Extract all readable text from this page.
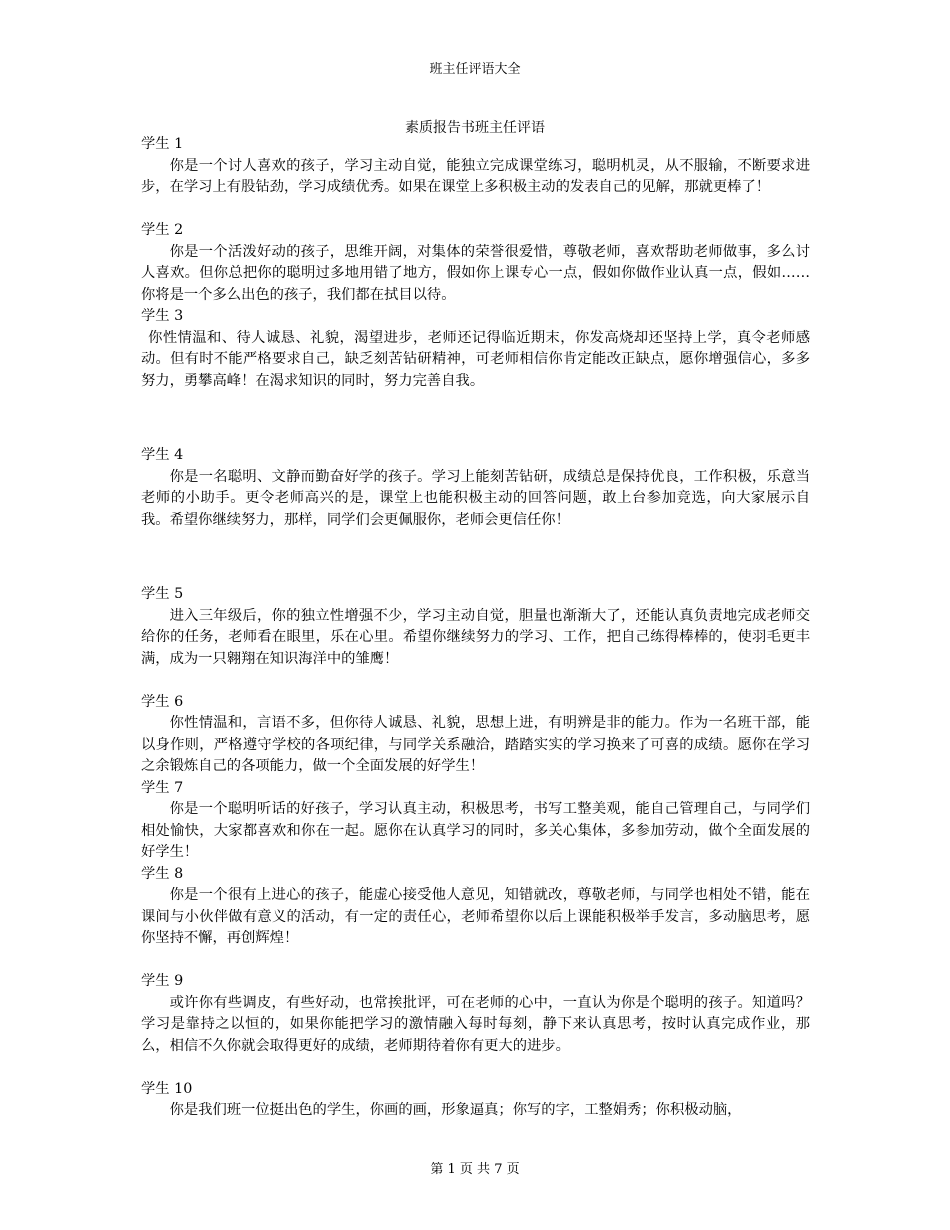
班主任评语大全
素质报告书班主任评语

学生 1

你是一个讨人喜欢的孩子，学习主动自觉，能独立完成课堂练习，聪明机灵，从不服输，不断要求进步，在学习上有股钻劲，学习成绩优秀。如果在课堂上多积极主动的发表自己的见解，那就更棒了！

学生 2

你是一个活泼好动的孩子，思维开阔，对集体的荣誉很爱惜，尊敬老师，喜欢帮助老师做事，多么讨人喜欢。但你总把你的聪明过多地用错了地方，假如你上课专心一点，假如你做作业认真一点，假如……你将是一个多么出色的孩子，我们都在拭目以待。

学生 3

你性情温和、待人诚恳、礼貌，渴望进步，老师还记得临近期末，你发高烧却还坚持上学，真令老师感动。但有时不能严格要求自己，缺乏刻苦钻研精神，可老师相信你肯定能改正缺点，愿你增强信心，多多努力，勇攀高峰！在渴求知识的同时，努力完善自我。

学生 4

你是一名聪明、文静而勤奋好学的孩子。学习上能刻苦钻研，成绩总是保持优良，工作积极，乐意当老师的小助手。更令老师高兴的是，课堂上也能积极主动的回答问题，敢上台参加竞选，向大家展示自我。希望你继续努力，那样，同学们会更佩服你，老师会更信任你！

学生 5

进入三年级后，你的独立性增强不少，学习主动自觉，胆量也渐渐大了，还能认真负责地完成老师交给你的任务，老师看在眼里，乐在心里。希望你继续努力的学习、工作，把自己练得棒棒的，使羽毛更丰满，成为一只翱翔在知识海洋中的雏鹰！

学生 6

你性情温和，言语不多，但你待人诚恳、礼貌，思想上进，有明辨是非的能力。作为一名班干部，能以身作则，严格遵守学校的各项纪律，与同学关系融洽，踏踏实实的学习换来了可喜的成绩。愿你在学习之余锻炼自己的各项能力，做一个全面发展的好学生！

学生 7

你是一个聪明听话的好孩子，学习认真主动，积极思考，书写工整美观，能自己管理自己，与同学们相处愉快，大家都喜欢和你在一起。愿你在认真学习的同时，多关心集体，多参加劳动，做个全面发展的好学生！

学生 8

你是一个很有上进心的孩子，能虚心接受他人意见，知错就改，尊敬老师，与同学也相处不错，能在课间与小伙伴做有意义的活动，有一定的责任心，老师希望你以后上课能积极举手发言，多动脑思考，愿你坚持不懈，再创辉煌！

学生 9

或许你有些调皮，有些好动，也常挨批评，可在老师的心中，一直认为你是个聪明的孩子。知道吗？学习是靠持之以恒的，如果你能把学习的激情融入每时每刻，静下来认真思考，按时认真完成作业，那么，相信不久你就会取得更好的成绩，老师期待着你有更大的进步。

学生 10

你是我们班一位挺出色的学生，你画的画，形象逼真；你写的字，工整娟秀；你积极动脑，

第 1 页 共 7 页
